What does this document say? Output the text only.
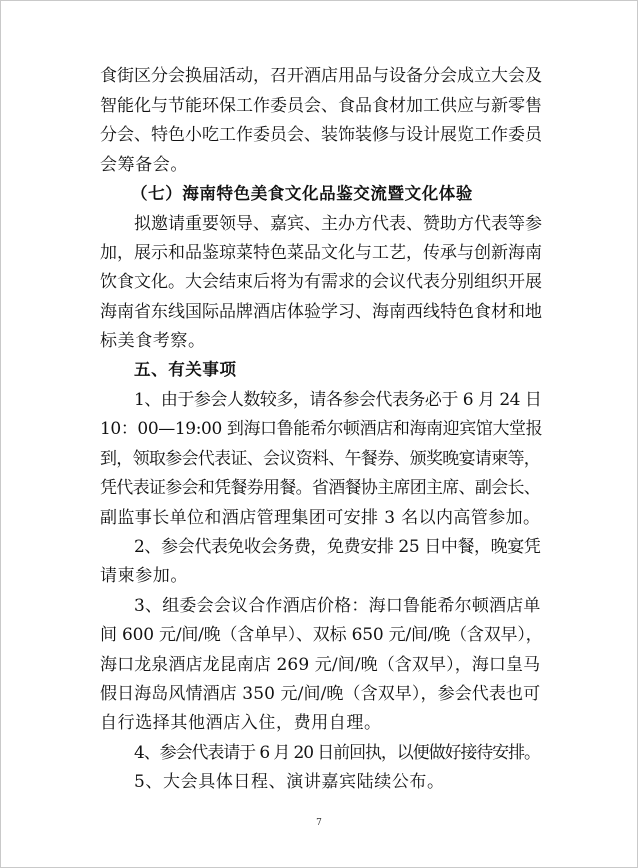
食街区分会换届活动，召开酒店用品与设备分会成立大会及
智能化与节能环保工作委员会、食品食材加工供应与新零售
分会、特色小吃工作委员会、装饰装修与设计展览工作委员
会筹备会。
（七）海南特色美食文化品鉴交流暨文化体验
拟邀请重要领导、嘉宾、主办方代表、赞助方代表等参
加，展示和品鉴琼菜特色菜品文化与工艺，传承与创新海南
饮食文化。大会结束后将为有需求的会议代表分别组织开展
海南省东线国际品牌酒店体验学习、海南西线特色食材和地
标美食考察。
五、有关事项
1、由于参会人数较多，请各参会代表务必于 6 月 24 日
10：00—19:00 到海口鲁能希尔顿酒店和海南迎宾馆大堂报
到，领取参会代表证、会议资料、午餐券、颁奖晚宴请柬等，
凭代表证参会和凭餐券用餐。省酒餐协主席团主席、副会长、
副监事长单位和酒店管理集团可安排 3 名以内高管参加。
2、参会代表免收会务费，免费安排 25 日中餐，晚宴凭
请柬参加。
3、组委会会议合作酒店价格：海口鲁能希尔顿酒店单
间 600 元/间/晚（含单早）、双标 650 元/间/晚（含双早），
海口龙泉酒店龙昆南店 269 元/间/晚（含双早），海口皇马
假日海岛风情酒店 350 元/间/晚（含双早），参会代表也可
自行选择其他酒店入住，费用自理。
4、参会代表请于 6 月 20 日前回执，以便做好接待安排。
5、大会具体日程、演讲嘉宾陆续公布。
7
